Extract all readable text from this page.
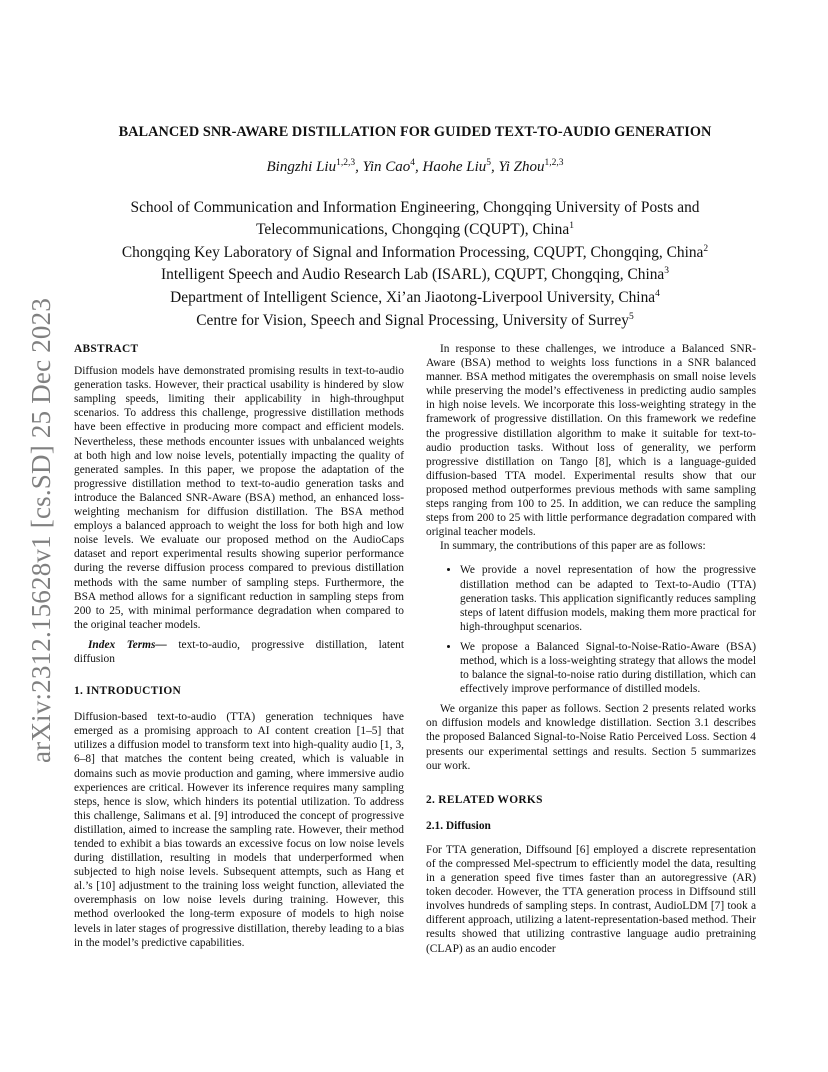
arXiv:2312.15628v1 [cs.SD] 25 Dec 2023
BALANCED SNR-AWARE DISTILLATION FOR GUIDED TEXT-TO-AUDIO GENERATION
Bingzhi Liu$^{1,2,3}$, Yin Cao$^4$, Haohe Liu$^5$, Yi Zhou$^{1,2,3}$
School of Communication and Information Engineering, Chongqing University of Posts and
Telecommunications, Chongqing (CQUPT), China$^1$
Chongqing Key Laboratory of Signal and Information Processing, CQUPT, Chongqing, China$^2$
Intelligent Speech and Audio Research Lab (ISARL), CQUPT, Chongqing, China$^3$
Department of Intelligent Science, Xi’an Jiaotong-Liverpool University, China$^4$
Centre for Vision, Speech and Signal Processing, University of Surrey$^5$

ABSTRACT

Diffusion models have demonstrated promising results in text-to-audio generation tasks. However, their practical usability is hindered by slow sampling speeds, limiting their applicability in high-throughput scenarios. To address this challenge, progressive distillation methods have been effective in producing more compact and efficient models. Nevertheless, these methods encounter issues with unbalanced weights at both high and low noise levels, potentially impacting the quality of generated samples. In this paper, we propose the adaptation of the progressive distillation method to text-to-audio generation tasks and introduce the Balanced SNR-Aware (BSA) method, an enhanced loss-weighting mechanism for diffusion distillation. The BSA method employs a balanced approach to weight the loss for both high and low noise levels. We evaluate our proposed method on the AudioCaps dataset and report experimental results showing superior performance during the reverse diffusion process compared to previous distillation methods with the same number of sampling steps. Furthermore, the BSA method allows for a significant reduction in sampling steps from 200 to 25, with minimal performance degradation when compared to the original teacher models.

Index Terms— text-to-audio, progressive distillation, latent diffusion

1. INTRODUCTION

Diffusion-based text-to-audio (TTA) generation techniques have emerged as a promising approach to AI content creation [1–5] that utilizes a diffusion model to transform text into high-quality audio [1, 3, 6–8] that matches the content being created, which is valuable in domains such as movie production and gaming, where immersive audio experiences are critical. However its inference requires many sampling steps, hence is slow, which hinders its potential utilization. To address this challenge, Salimans et al. [9] introduced the concept of progressive distillation, aimed to increase the sampling rate. However, their method tended to exhibit a bias towards an excessive focus on low noise levels during distillation, resulting in models that underperformed when subjected to high noise levels. Subsequent attempts, such as Hang et al.’s [10] adjustment to the training loss weight function, alleviated the overemphasis on low noise levels during training. However, this method overlooked the long-term exposure of models to high noise levels in later stages of progressive distillation, thereby leading to a bias in the model’s predictive capabilities.

In response to these challenges, we introduce a Balanced SNR-Aware (BSA) method to weights loss functions in a SNR balanced manner. BSA method mitigates the overemphasis on small noise levels while preserving the model’s effectiveness in predicting audio samples in high noise levels. We incorporate this loss-weighting strategy in the framework of progressive distillation. On this framework we redefine the progressive distillation algorithm to make it suitable for text-to-audio production tasks. Without loss of generality, we perform progressive distillation on Tango [8], which is a language-guided diffusion-based TTA model. Experimental results show that our proposed method outperformes previous methods with same sampling steps ranging from 100 to 25. In addition, we can reduce the sampling steps from 200 to 25 with little performance degradation compared with original teacher models.

In summary, the contributions of this paper are as follows:

• We provide a novel representation of how the progressive distillation method can be adapted to Text-to-Audio (TTA) generation tasks. This application significantly reduces sampling steps of latent diffusion models, making them more practical for high-throughput scenarios.
• We propose a Balanced Signal-to-Noise-Ratio-Aware (BSA) method, which is a loss-weighting strategy that allows the model to balance the signal-to-noise ratio during distillation, which can effectively improve performance of distilled models.

We organize this paper as follows. Section 2 presents related works on diffusion models and knowledge distillation. Section 3.1 describes the proposed Balanced Signal-to-Noise Ratio Perceived Loss. Section 4 presents our experimental settings and results. Section 5 summarizes our work.

2. RELATED WORKS

2.1. Diffusion

For TTA generation, Diffsound [6] employed a discrete representation of the compressed Mel-spectrum to efficiently model the data, resulting in a generation speed five times faster than an autoregressive (AR) token decoder. However, the TTA generation process in Diffsound still involves hundreds of sampling steps. In contrast, AudioLDM [7] took a different approach, utilizing a latent-representation-based method. Their results showed that utilizing contrastive language audio pretraining (CLAP) as an audio encoder
